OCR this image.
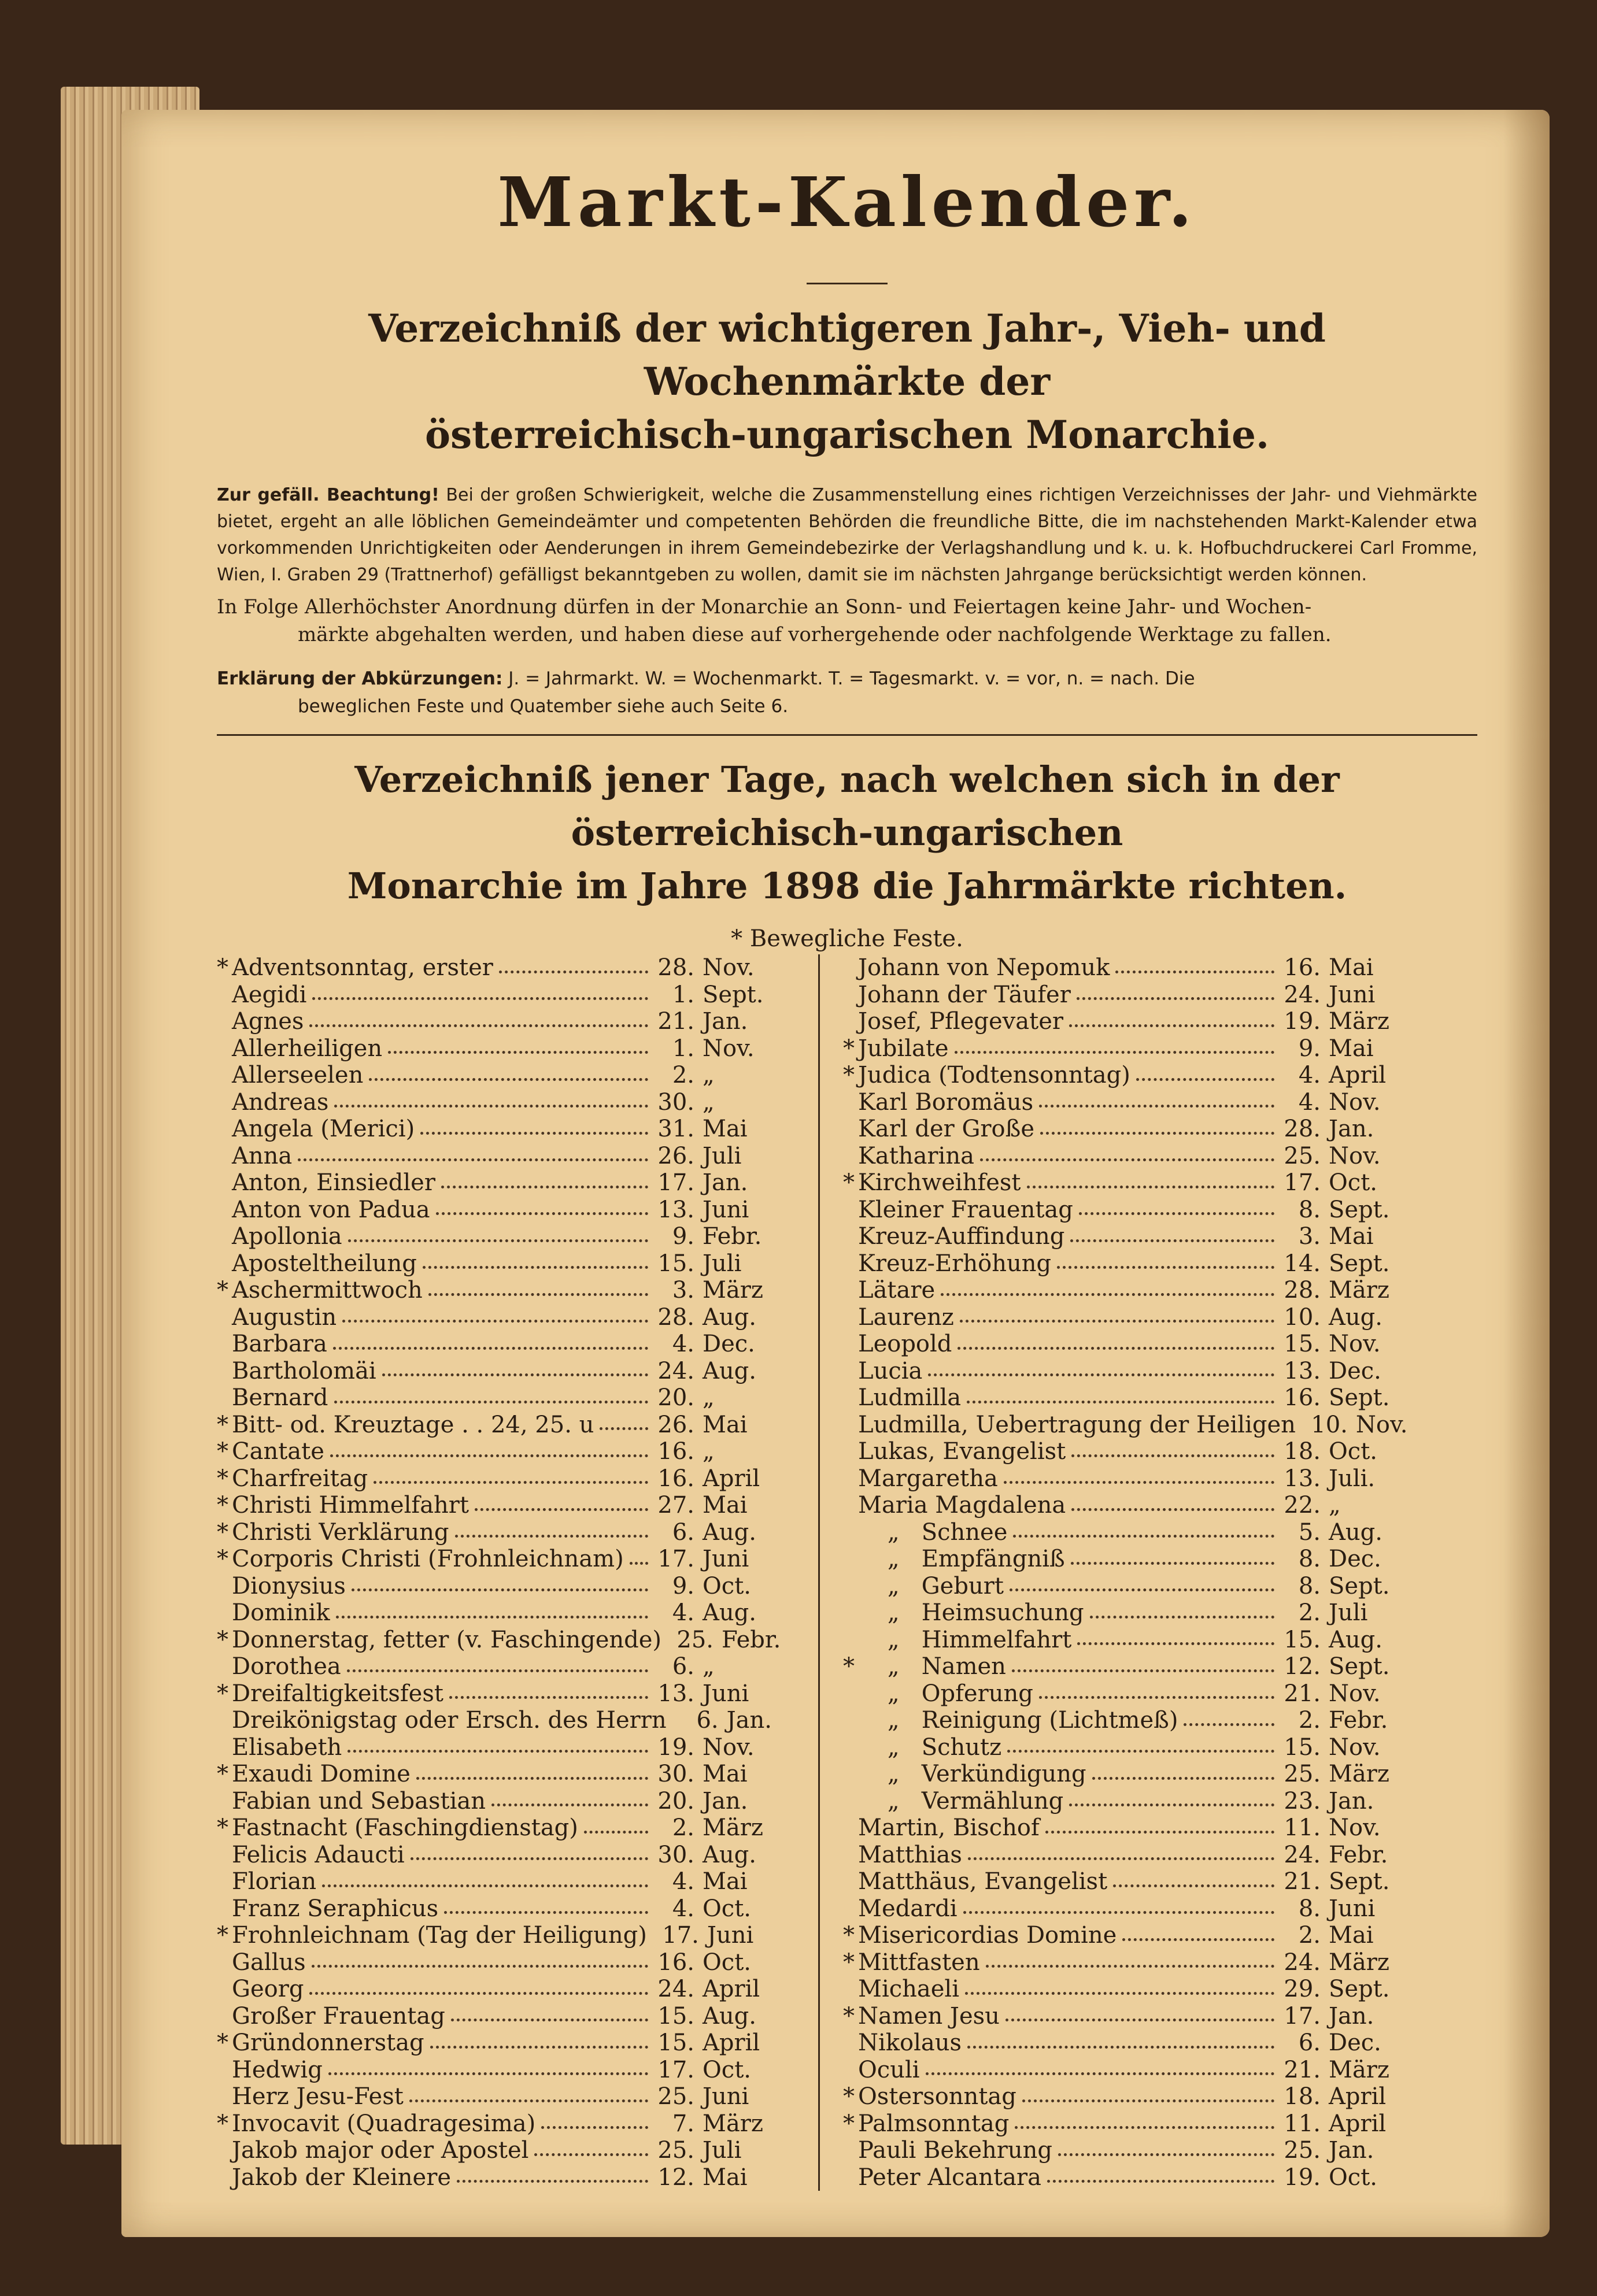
Markt-Kalender.

Verzeichniß der wichtigeren Jahr-, Vieh- und Wochenmärkte der

österreichisch-ungarischen Monarchie.

Zur gefäll. Beachtung! Bei der großen Schwierigkeit, welche die Zusammenstellung eines richtigen Verzeichnisses der Jahr- und Viehmärkte bietet, ergeht an alle löblichen Gemeindeämter und competenten Behörden die freundliche Bitte, die im nachstehenden Markt-Kalender etwa vorkommenden Unrichtigkeiten oder Aenderungen in ihrem Gemeindebezirke der Verlagshandlung und k. u. k. Hofbuchdruckerei Carl Fromme, Wien, I. Graben 29 (Trattnerhof) gefälligst bekanntgeben zu wollen, damit sie im nächsten Jahrgange berücksichtigt werden können.

In Folge Allerhöchster Anordnung dürfen in der Monarchie an Sonn- und Feiertagen keine Jahr- und Wochen-
märkte abgehalten werden, und haben diese auf vorhergehende oder nachfolgende Werktage zu fallen.

Erklärung der Abkürzungen: J. = Jahrmarkt. W. = Wochenmarkt. T. = Tagesmarkt. v. = vor, n. = nach. Die
beweglichen Feste und Quatember siehe auch Seite 6.

Verzeichniß jener Tage, nach welchen sich in der österreichisch-ungarischen

Monarchie im Jahre 1898 die Jahrmärkte richten.

* Bewegliche Feste.

* Adventsonntag, erster	28. Nov.
Aegidi	1. Sept.
Agnes	21. Jan.
Allerheiligen	1. Nov.
Allerseelen	2. „
Andreas	30. „
Angela (Merici)	31. Mai
Anna	26. Juli
Anton, Einsiedler	17. Jan.
Anton von Padua	13. Juni
Apollonia	9. Febr.
Aposteltheilung	15. Juli
* Aschermittwoch	3. März
Augustin	28. Aug.
Barbara	4. Dec.
Bartholomäi	24. Aug.
Bernard	20. „
* Bitt- od. Kreuztage . . 24, 25. u	26. Mai
* Cantate	16. „
* Charfreitag	16. April
* Christi Himmelfahrt	27. Mai
* Christi Verklärung	6. Aug.
* Corporis Christi (Frohnleichnam) 17. Juni
Dionysius	9. Oct.
Dominik	4. Aug.
* Donnerstag, fetter (v. Faschingende) 25. Febr.
Dorothea	6. „
* Dreifaltigkeitsfest	13. Juni
Dreikönigstag oder Ersch. des Herrn	6. Jan.
Elisabeth	19. Nov.
* Exaudi Domine	30. Mai
Fabian und Sebastian	20. Jan.
* Fastnacht (Faschingdienstag)	2. März
Felicis Adaucti	30. Aug.
Florian	4. Mai
Franz Seraphicus	4. Oct.
* Frohnleichnam (Tag der Heiligung) 17. Juni
Gallus	16. Oct.
Georg	24. April
Großer Frauentag	15. Aug.
* Gründonnerstag	15. April
Hedwig	17. Oct.
Herz Jesu-Fest	25. Juni
* Invocavit (Quadragesima)	7. März
Jakob major oder Apostel	25. Juli
Jakob der Kleinere	12. Mai
Johann von Nepomuk	16. Mai
Johann der Täufer	24. Juni
Josef, Pflegevater	19. März
* Jubilate	9. Mai
* Judica (Todtensonntag)	4. April
Karl Boromäus	4. Nov.
Karl der Große	28. Jan.
Katharina	25. Nov.
* Kirchweihfest	17. Oct.
Kleiner Frauentag	8. Sept.
Kreuz-Auffindung	3. Mai
Kreuz-Erhöhung	14. Sept.
Lätare	28. März
Laurenz	10. Aug.
Leopold	15. Nov.
Lucia	13. Dec.
Ludmilla	16. Sept.
Ludmilla, Uebertragung der Heiligen 10. Nov.
Lukas, Evangelist	18. Oct.
Margaretha	13. Juli.
Maria Magdalena	22. „
„   Schnee	5. Aug.
„   Empfängniß	8. Dec.
„   Geburt	8. Sept.
„   Heimsuchung	2. Juli
„   Himmelfahrt	15. Aug.
* „   Namen	12. Sept.
„   Opferung	21. Nov.
„   Reinigung (Lichtmeß)	2. Febr.
„   Schutz	15. Nov.
„   Verkündigung	25. März
„   Vermählung	23. Jan.
Martin, Bischof	11. Nov.
Matthias	24. Febr.
Matthäus, Evangelist	21. Sept.
Medardi	8. Juni
* Misericordias Domine	2. Mai
* Mittfasten	24. März
Michaeli	29. Sept.
* Namen Jesu	17. Jan.
Nikolaus	6. Dec.
Oculi	21. März
* Ostersonntag	18. April
* Palmsonntag	11. April
Pauli Bekehrung	25. Jan.
Peter Alcantara	19. Oct.
